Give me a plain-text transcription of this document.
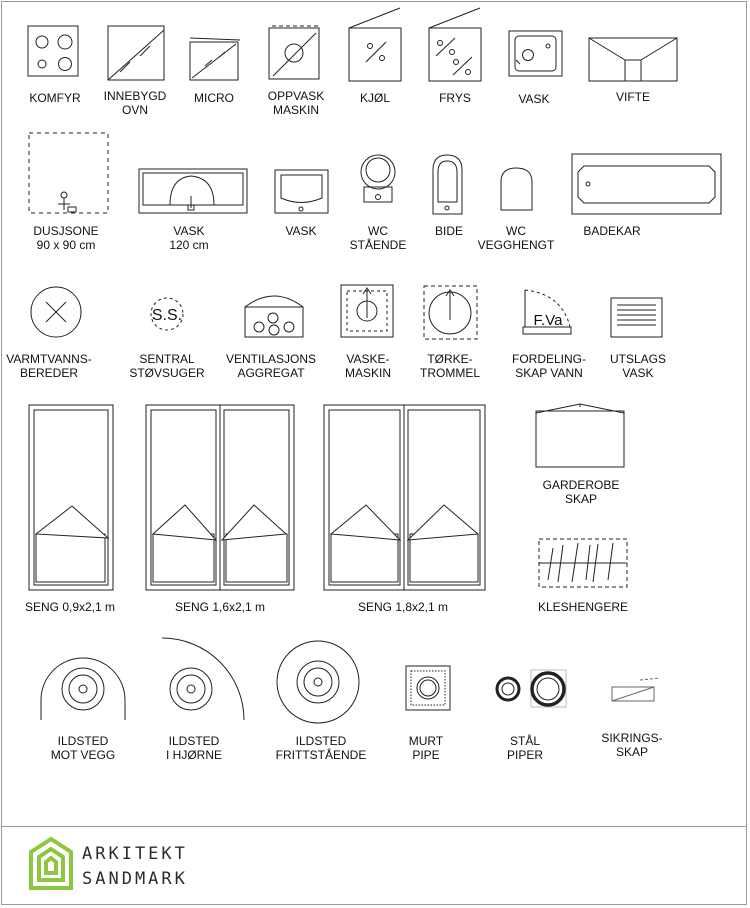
S.S.	F.Va
KOMFYR INNEBYGD
OVN
MICRO	OPPVASK
MASKIN
KJØL	FRYS	VASK	VIFTE
DUSJSONE
90 x 90 cm
VASK
120 cm
VASK	WC
STÅENDE
BIDE	WC
VEGGHENGT
BADEKAR
VARMTVANNS-
BEREDER
SENTRAL
STØVSUGER
VENTILASJONS
AGGREGAT
VASKE-
MASKIN
TØRKE-
TROMMEL
FORDELING-
SKAP VANN
UTSLAGS
VASK
SENG 0,9x2,1 m	SENG 1,6x2,1 m	SENG 1,8x2,1 m
GARDEROBE
SKAP
KLESHENGERE
ILDSTED
MOT VEGG
ILDSTED
I HJØRNE
ILDSTED
FRITTSTÅENDE
MURT
PIPE
STÅL
PIPER
SIKRINGS-
SKAP
ARKITEKT
SANDMARK
